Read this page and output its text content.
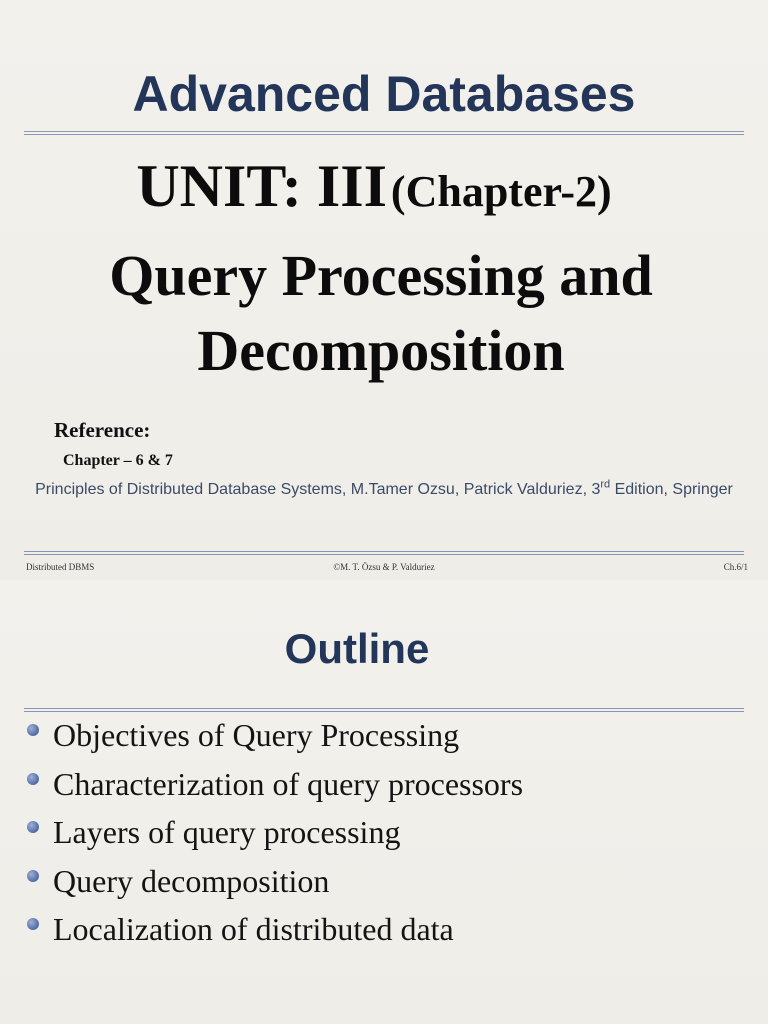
Advanced Databases
UNIT: III (Chapter-2)
Query Processing and
Decomposition
Reference:
Chapter – 6 & 7
Principles of Distributed Database Systems, M.Tamer Ozsu, Patrick Valduriez, 3rd Edition, Springer
Distributed DBMS	©M. T. Özsu & P. Valduriez	Ch.6/1
Outline
Objectives of Query Processing
Characterization of query processors
Layers of query processing
Query decomposition
Localization of distributed data
